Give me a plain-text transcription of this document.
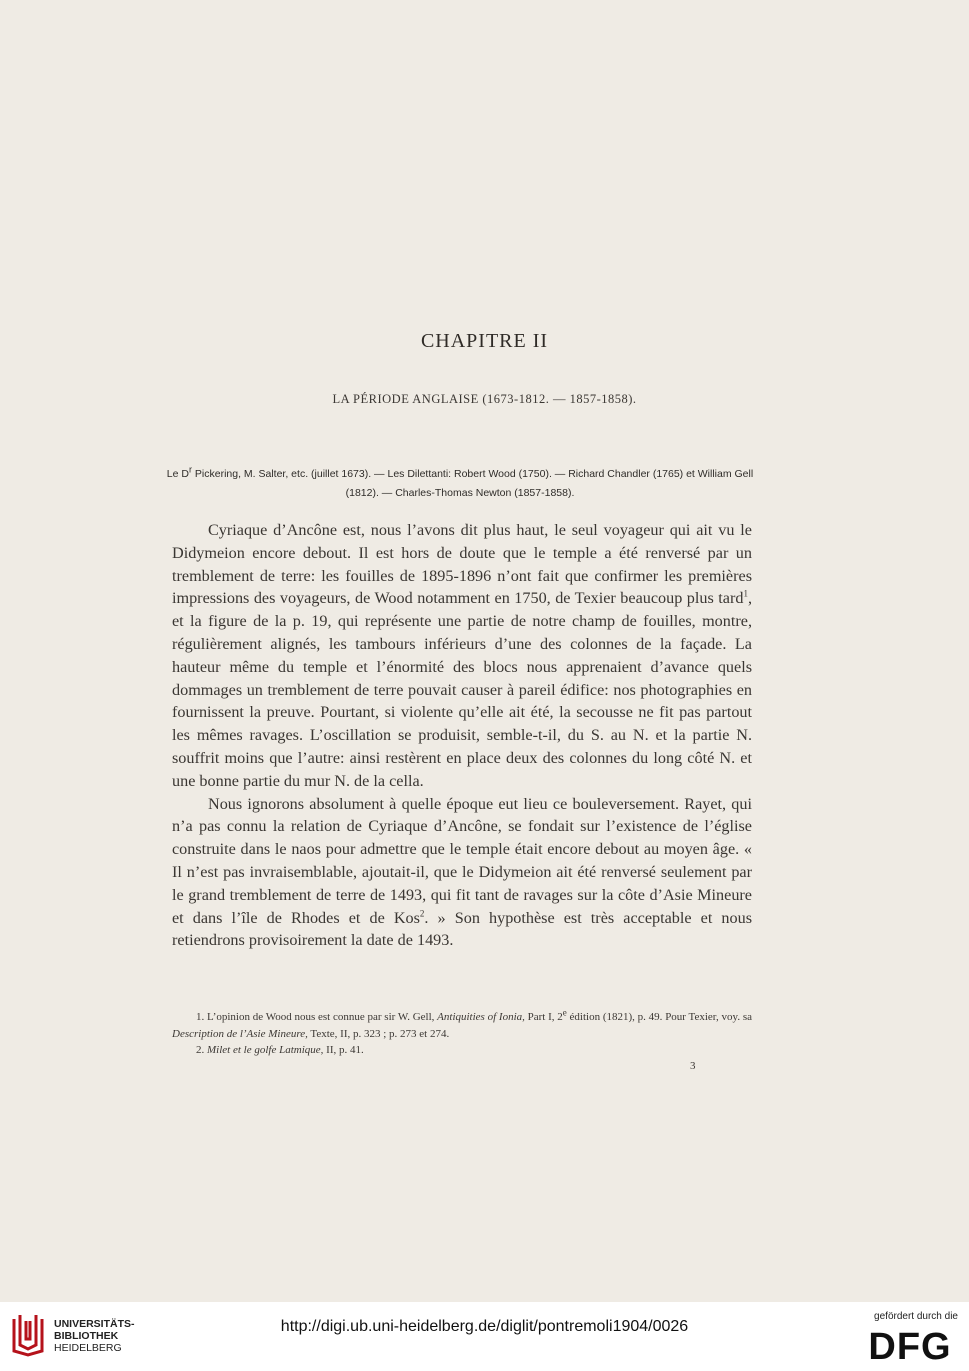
CHAPITRE II
LA PÉRIODE ANGLAISE (1673-1812. — 1857-1858).
Le $D^r$ Pickering, M. Salter, etc. (juillet 1673). — Les Dilettanti: Robert Wood (1750). — Richard Chandler (1765) et William Gell (1812). — Charles-Thomas Newton (1857-1858).

Cyriaque d’Ancône est, nous l’avons dit plus haut, le seul voyageur qui ait vu le Didymeion encore debout. Il est hors de doute que le temple a été renversé par un tremblement de terre: les fouilles de 1895-1896 n’ont fait que confirmer les premières impressions des voyageurs, de Wood notamment en 1750, de Texier beaucoup plus tard$^1$, et la figure de la p. 19, qui représente une partie de notre champ de fouilles, montre, régulièrement alignés, les tambours inférieurs d’une des colonnes de la façade. La hauteur même du temple et l’énormité des blocs nous apprenaient d’avance quels dommages un tremblement de terre pouvait causer à pareil édifice: nos photographies en fournissent la preuve. Pourtant, si violente qu’elle ait été, la secousse ne fit pas partout les mêmes ravages. L’oscillation se produisit, semble-t-il, du S. au N. et la partie N. souffrit moins que l’autre: ainsi restèrent en place deux des colonnes du long côté N. et une bonne partie du mur N. de la cella.

Nous ignorons absolument à quelle époque eut lieu ce bouleversement. Rayet, qui n’a pas connu la relation de Cyriaque d’Ancône, se fondait sur l’existence de l’église construite dans le naos pour admettre que le temple était encore debout au moyen âge. « Il n’est pas invraisemblable, ajoutait-il, que le Didymeion ait été renversé seulement par le grand tremblement de terre de 1493, qui fit tant de ravages sur la côte d’Asie Mineure et dans l’île de Rhodes et de Kos$^2$. » Son hypothèse est très acceptable et nous retiendrons provisoirement la date de 1493.

1. L’opinion de Wood nous est connue par sir W. Gell, Antiquities of Ionia, Part I, 2e édition (1821), p. 49. Pour Texier, voy. sa Description de l’Asie Mineure, Texte, II, p. 323 ; p. 273 et 274.

2. Milet et le golfe Latmique, II, p. 41.

3
UNIVERSITÄTS-
BIBLIOTHEK
HEIDELBERG
http://digi.ub.uni-heidelberg.de/diglit/pontremoli1904/0026
gefördert durch die
DFG
